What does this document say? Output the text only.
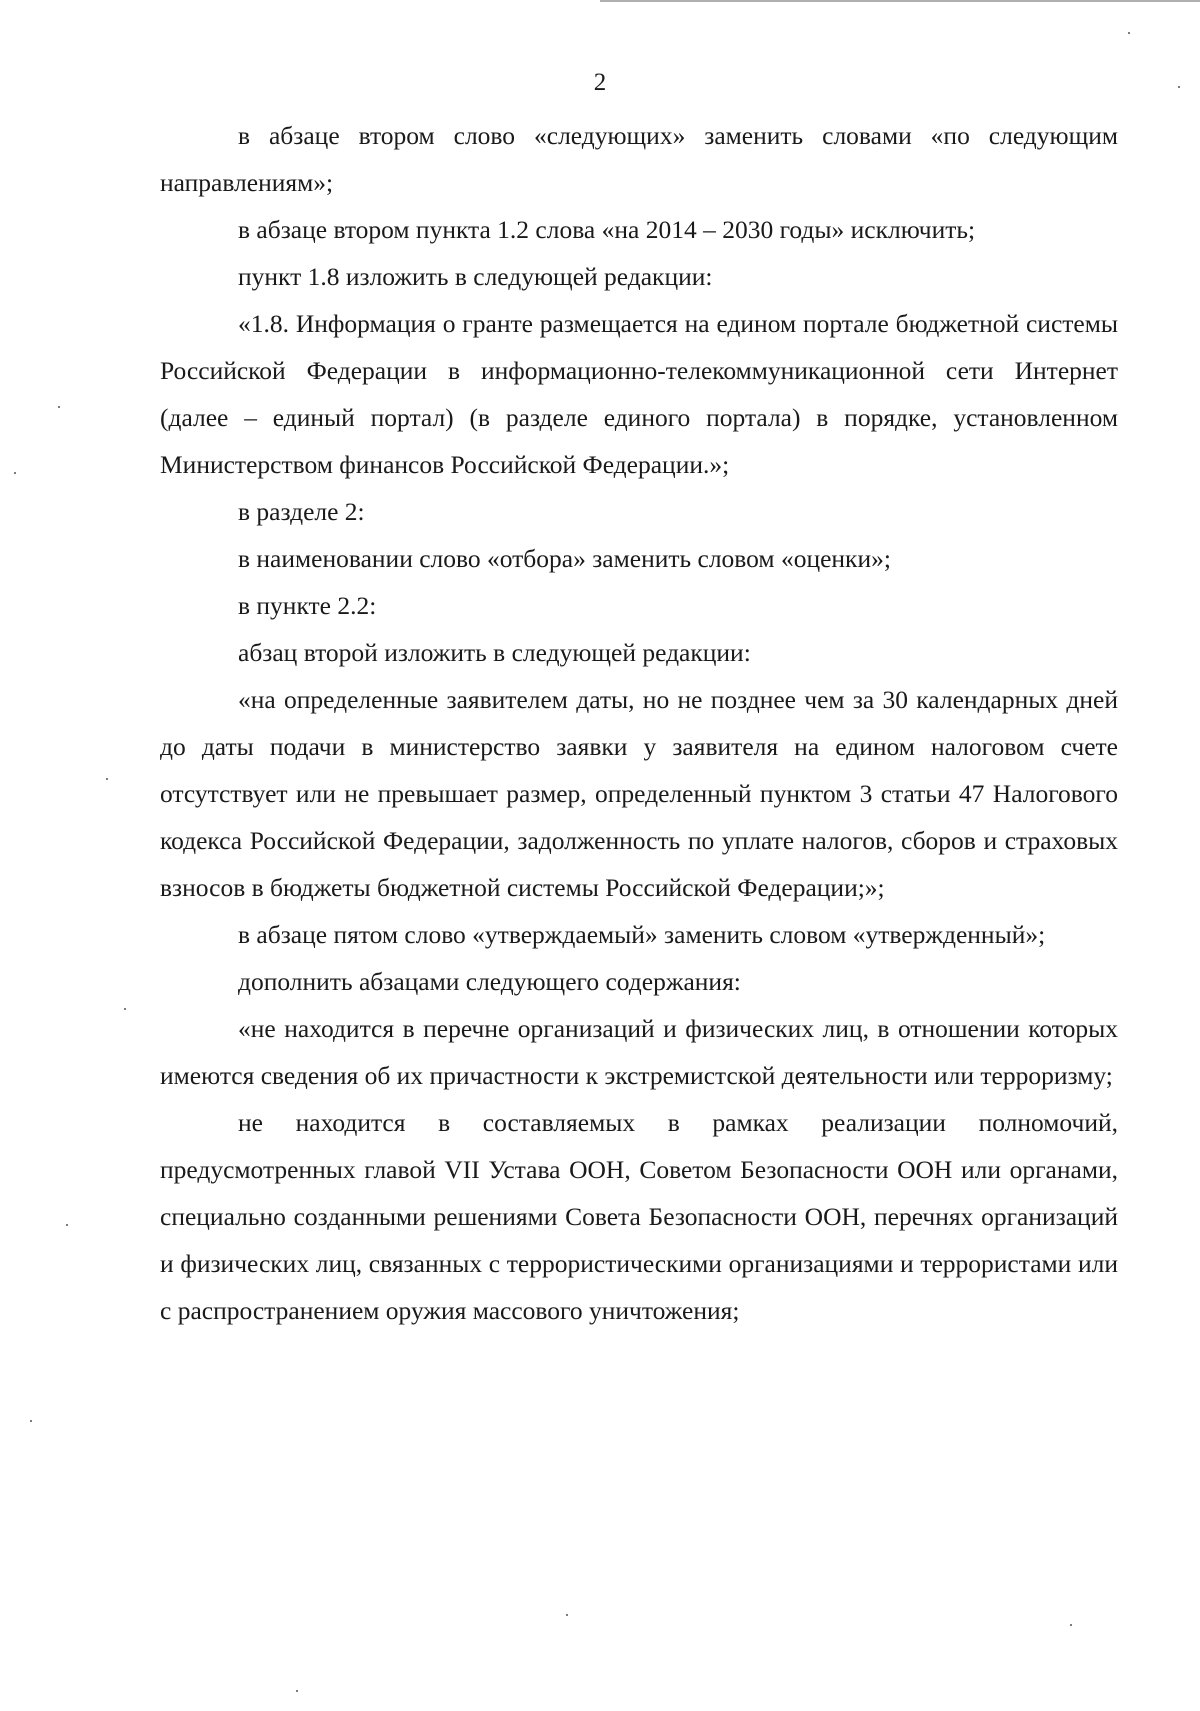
2

в абзаце втором слово «следующих» заменить словами «по следующим направлениям»;

в абзаце втором пункта 1.2 слова «на 2014 – 2030 годы» исключить;

пункт 1.8 изложить в следующей редакции:

«1.8. Информация о гранте размещается на едином портале бюджетной системы Российской Федерации в информационно-телекоммуникационной сети Интернет (далее – единый портал) (в разделе единого портала) в порядке, установленном Министерством финансов Российской Федерации.»;

в разделе 2:

в наименовании слово «отбора» заменить словом «оценки»;

в пункте 2.2:

абзац второй изложить в следующей редакции:

«на определенные заявителем даты, но не позднее чем за 30 календарных дней до даты подачи в министерство заявки у заявителя на едином налоговом счете отсутствует или не превышает размер, определенный пунктом 3 статьи 47 Налогового кодекса Российской Федерации, задолженность по уплате налогов, сборов и страховых взносов в бюджеты бюджетной системы Российской Федерации;»;

в абзаце пятом слово «утверждаемый» заменить словом «утвержденный»;

дополнить абзацами следующего содержания:

«не находится в перечне организаций и физических лиц, в отношении которых имеются сведения об их причастности к экстремистской деятельности или терроризму;

не находится в составляемых в рамках реализации полномочий, предусмотренных главой VII Устава ООН, Советом Безопасности ООН или органами, специально созданными решениями Совета Безопасности ООН, перечнях организаций и физических лиц, связанных с террористическими организациями и террористами или с распространением оружия массового уничтожения;
